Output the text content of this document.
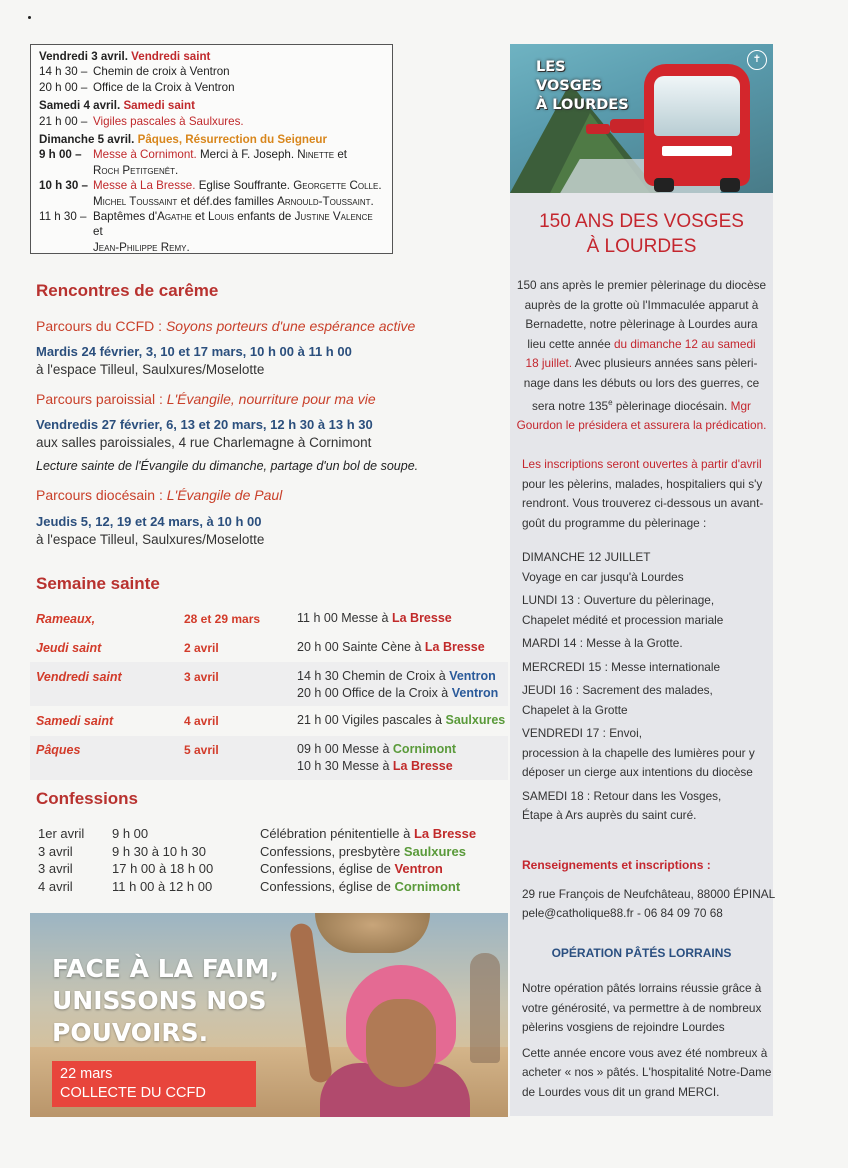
Vendredi 3 avril. Vendredi saint
14 h 30 – Chemin de croix à Ventron
20 h 00 – Office de la Croix à Ventron
Samedi 4 avril. Samedi saint
21 h 00 – Vigiles pascales à Saulxures.
Dimanche 5 avril. Pâques, Résurrection du Seigneur
9 h 00 – Messe à Cornimont. Merci à F. Joseph. Ninette et
Roch Petitgenêt.
10 h 30 – Messe à La Bresse. Eglise Souffrante. Georgette Colle.
Michel Toussaint et déf.des familles Arnould-Toussaint.
11 h 30 – Baptêmes d'Agathe et Louis enfants de Justine Valence et
Jean-Philippe Remy.
Rencontres de carême
Parcours du CCFD : Soyons porteurs d'une espérance active
Mardis 24 février, 3, 10 et 17 mars, 10 h 00 à 11 h 00
à l'espace Tilleul, Saulxures/Moselotte
Parcours paroissial : L'Évangile, nourriture pour ma vie
Vendredis 27 février, 6, 13 et 20 mars, 12 h 30 à 13 h 30
aux salles paroissiales, 4 rue Charlemagne à Cornimont
Lecture sainte de l'Évangile du dimanche, partage d'un bol de soupe.
Parcours diocésain : L'Évangile de Paul
Jeudis 5, 12, 19 et 24 mars, à 10 h 00
à l'espace Tilleul, Saulxures/Moselotte
Semaine sainte
Rameaux,	28 et 29 mars	11 h 00 Messe à La Bresse
Jeudi saint	2 avril	20 h 00 Sainte Cène à La Bresse
Vendredi saint	3 avril	14 h 30 Chemin de Croix à Ventron
20 h 00 Office de la Croix à Ventron
Samedi saint	4 avril	21 h 00 Vigiles pascales à Saulxures
Pâques	5 avril	09 h 00 Messe à Cornimont
10 h 30 Messe à La Bresse
Confessions
1er avril	9 h 00	Célébration pénitentielle à La Bresse
3 avril	9 h 30 à 10 h 30	Confessions, presbytère Saulxures
3 avril	17 h 00 à 18 h 00	Confessions, église de Ventron
4 avril	11 h 00 à 12 h 00	Confessions, église de Cornimont
FACE À LA FAIM,
UNISSONS NOS
POUVOIRS.
22 mars
COLLECTE DU CCFD
LES
VOSGES
À LOURDES
✝
150 ANS DES VOSGES
À LOURDES
150 ans après le premier pèlerinage du diocèse
auprès de la grotte où l'Immaculée apparut à
Bernadette, notre pèlerinage à Lourdes aura
lieu cette année du dimanche 12 au samedi
18 juillet. Avec plusieurs années sans pèleri-
nage dans les débuts ou lors des guerres, ce
sera notre 135e pèlerinage diocésain. Mgr
Gourdon le présidera et assurera la prédication.
Les inscriptions seront ouvertes à partir d'avril
pour les pèlerins, malades, hospitaliers qui s'y
rendront. Vous trouverez ci-dessous un avant-
goût du programme du pèlerinage :
DIMANCHE 12 JUILLET
Voyage en car jusqu'à Lourdes
LUNDI 13 : Ouverture du pèlerinage,
Chapelet médité et procession mariale
MARDI 14 : Messe à la Grotte.
MERCREDI 15 : Messe internationale
JEUDI 16 : Sacrement des malades,
Chapelet à la Grotte
VENDREDI 17 : Envoi,
procession à la chapelle des lumières pour y
déposer un cierge aux intentions du diocèse
SAMEDI 18 : Retour dans les Vosges,
Étape à Ars auprès du saint curé.
Renseignements et inscriptions :
29 rue François de Neufchâteau, 88000 ÉPINAL
pele@catholique88.fr - 06 84 09 70 68
OPÉRATION PÂTÉS LORRAINS
Notre opération pâtés lorrains réussie grâce à
votre générosité, va permettre à de nombreux
pèlerins vosgiens de rejoindre Lourdes
Cette année encore vous avez été nombreux à
acheter « nos » pâtés. L'hospitalité Notre-Dame
de Lourdes vous dit un grand MERCI.
